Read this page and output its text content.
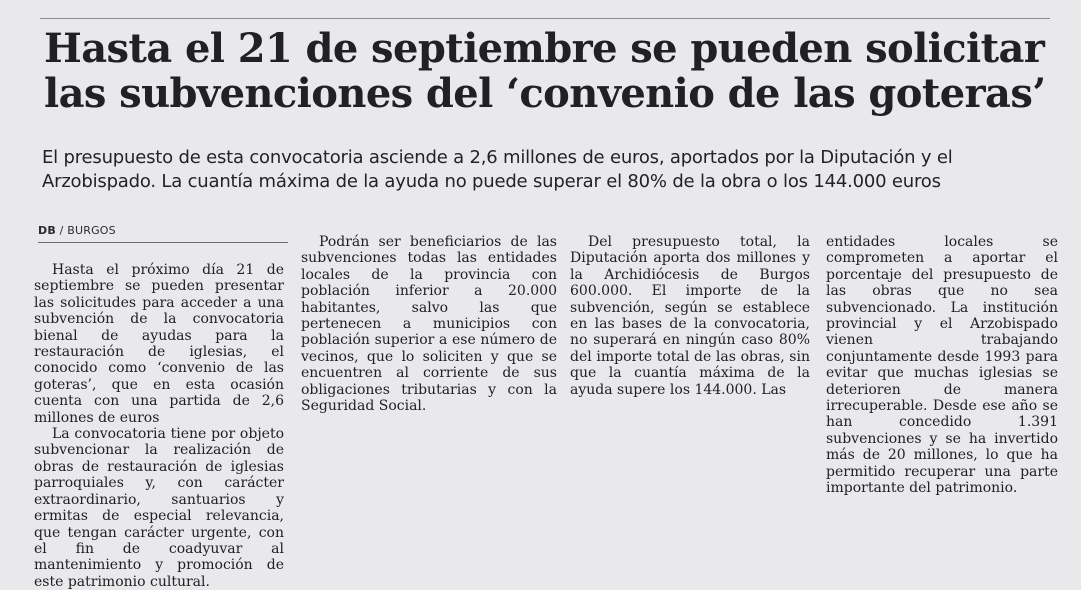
Hasta el 21 de septiembre se pueden solicitar las subvenciones del ‘convenio de las goteras’

El presupuesto de esta convocatoria asciende a 2,6 millones de euros, aportados por la Diputación y el Arzobispado. La cuantía máxima de la ayuda no puede superar el 80% de la obra o los 144.000 euros

DB / BURGOS

Hasta el próximo día 21 de septiembre se pueden presentar las solicitudes para acceder a una subvención de la convocatoria bienal de ayudas para la restauración de iglesias, el conocido como ‘convenio de las goteras’, que en esta ocasión cuenta con una partida de 2,6 millones de euros

La convocatoria tiene por objeto subvencionar la realización de obras de restauración de iglesias parroquiales y, con carácter extraordinario, santuarios y ermitas de especial relevancia, que tengan carácter urgente, con el fin de coadyuvar al mantenimiento y promoción de este patrimonio cultural.

Podrán ser beneficiarios de las subvenciones todas las entidades locales de la provincia con población inferior a 20.000 habitantes, salvo las que pertenecen a municipios con población superior a ese número de vecinos, que lo soliciten y que se encuentren al corriente de sus obligaciones tributarias y con la Seguridad Social.

Del presupuesto total, la Diputación aporta dos millones y la Archidiócesis de Burgos 600.000. El importe de la subvención, según se establece en las bases de la convocatoria, no superará en ningún caso 80% del importe total de las obras, sin que la cuantía máxima de la ayuda supere los 144.000. Las

entidades locales se comprometen a aportar el porcentaje del presupuesto de las obras que no sea subvencionado. La institución provincial y el Arzobispado vienen trabajando conjuntamente desde 1993 para evitar que muchas iglesias se deterioren de manera irrecuperable. Desde ese año se han concedido 1.391 subvenciones y se ha invertido más de 20 millones, lo que ha permitido recuperar una parte importante del patrimonio.
